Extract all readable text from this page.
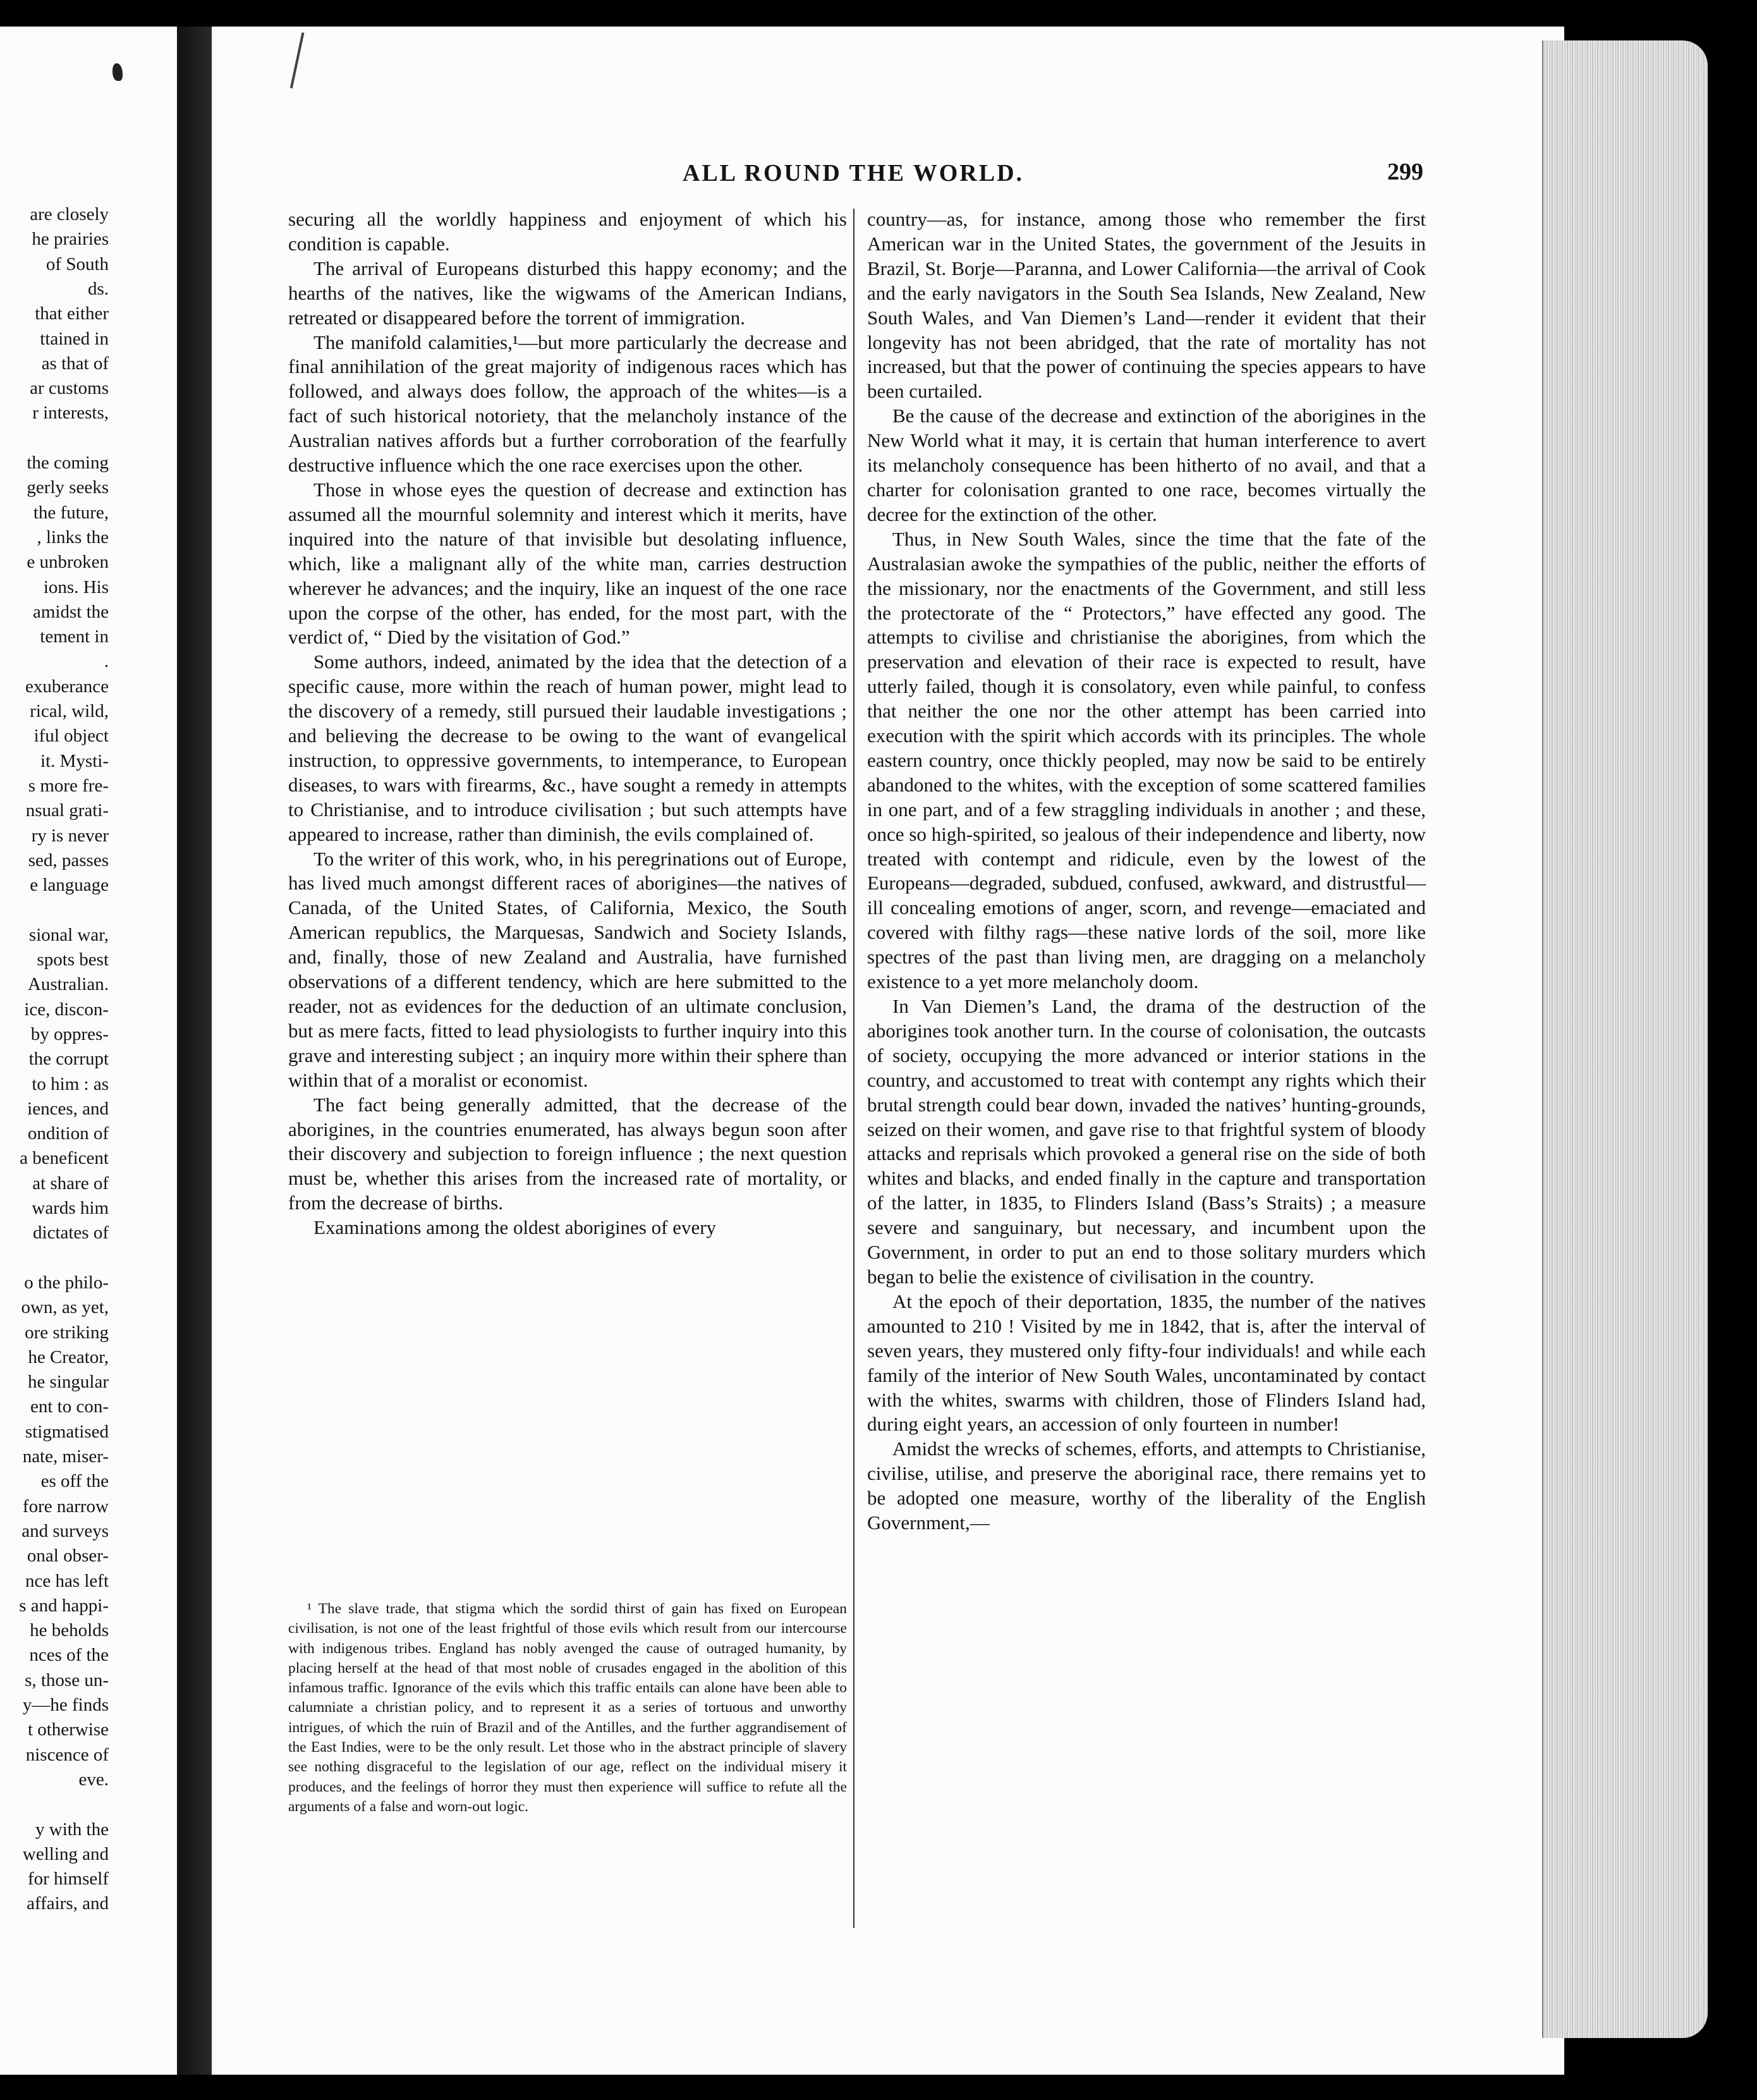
are closely
he prairies
of South
ds.
that either
ttained in
as that of
ar customs
r interests,
the coming
gerly seeks
the future,
, links the
e unbroken
ions. His
amidst the
tement in
.
exuberance
rical, wild,
iful object
it. Mysti-
s more fre-
nsual grati-
ry is never
sed, passes
e language
sional war,
spots best
Australian.
ice, discon-
by oppres-
the corrupt
to him : as
iences, and
ondition of
a beneficent
at share of
wards him
dictates of
o the philo-
own, as yet,
ore striking
he Creator,
he singular
ent to con-
stigmatised
nate, miser-
es off the
fore narrow
and surveys
onal obser-
nce has left
s and happi-
he beholds
nces of the
s, those un-
y—he finds
t otherwise
niscence of
eve.
y with the
welling and
for himself
affairs, and
ALL ROUND THE WORLD.	299

securing all the worldly happiness and enjoyment of which his condition is capable.

The arrival of Europeans disturbed this happy economy; and the hearths of the natives, like the wigwams of the American Indians, retreated or disappeared before the torrent of immigration.

The manifold calamities,¹—but more particularly the decrease and final annihilation of the great majority of indigenous races which has followed, and always does follow, the approach of the whites—is a fact of such historical notoriety, that the melancholy instance of the Australian natives affords but a further corroboration of the fearfully destructive influence which the one race exercises upon the other.

Those in whose eyes the question of decrease and extinction has assumed all the mournful solemnity and interest which it merits, have inquired into the nature of that invisible but desolating influence, which, like a malignant ally of the white man, carries destruction wherever he advances; and the inquiry, like an inquest of the one race upon the corpse of the other, has ended, for the most part, with the verdict of, “ Died by the visitation of God.”

Some authors, indeed, animated by the idea that the detection of a specific cause, more within the reach of human power, might lead to the discovery of a remedy, still pursued their laudable investigations ; and believing the decrease to be owing to the want of evangelical instruction, to oppressive governments, to intemperance, to European diseases, to wars with firearms, &c., have sought a remedy in attempts to Christianise, and to introduce civilisation ; but such attempts have appeared to increase, rather than diminish, the evils complained of.

To the writer of this work, who, in his peregrinations out of Europe, has lived much amongst different races of aborigines—the natives of Canada, of the United States, of California, Mexico, the South American republics, the Marquesas, Sandwich and Society Islands, and, finally, those of new Zealand and Australia, have furnished observations of a different tendency, which are here submitted to the reader, not as evidences for the deduction of an ultimate conclusion, but as mere facts, fitted to lead physiologists to further inquiry into this grave and interesting subject ; an inquiry more within their sphere than within that of a moralist or economist.

The fact being generally admitted, that the decrease of the aborigines, in the countries enumerated, has always begun soon after their discovery and subjection to foreign influence ; the next question must be, whether this arises from the increased rate of mortality, or from the decrease of births.

Examinations among the oldest aborigines of every

country—as, for instance, among those who remember the first American war in the United States, the government of the Jesuits in Brazil, St. Borje—Paranna, and Lower California—the arrival of Cook and the early navigators in the South Sea Islands, New Zealand, New South Wales, and Van Diemen’s Land—render it evident that their longevity has not been abridged, that the rate of mortality has not increased, but that the power of continuing the species appears to have been curtailed.

Be the cause of the decrease and extinction of the aborigines in the New World what it may, it is certain that human interference to avert its melancholy consequence has been hitherto of no avail, and that a charter for colonisation granted to one race, becomes virtually the decree for the extinction of the other.

Thus, in New South Wales, since the time that the fate of the Australasian awoke the sympathies of the public, neither the efforts of the missionary, nor the enactments of the Government, and still less the protectorate of the “ Protectors,” have effected any good. The attempts to civilise and christianise the aborigines, from which the preservation and elevation of their race is expected to result, have utterly failed, though it is consolatory, even while painful, to confess that neither the one nor the other attempt has been carried into execution with the spirit which accords with its principles. The whole eastern country, once thickly peopled, may now be said to be entirely abandoned to the whites, with the exception of some scattered families in one part, and of a few straggling individuals in another ; and these, once so high-spirited, so jealous of their independence and liberty, now treated with contempt and ridicule, even by the lowest of the Europeans—degraded, subdued, confused, awkward, and distrustful—ill concealing emotions of anger, scorn, and revenge—emaciated and covered with filthy rags—these native lords of the soil, more like spectres of the past than living men, are dragging on a melancholy existence to a yet more melancholy doom.

In Van Diemen’s Land, the drama of the destruction of the aborigines took another turn. In the course of colonisation, the outcasts of society, occupying the more advanced or interior stations in the country, and accustomed to treat with contempt any rights which their brutal strength could bear down, invaded the natives’ hunting-grounds, seized on their women, and gave rise to that frightful system of bloody attacks and reprisals which provoked a general rise on the side of both whites and blacks, and ended finally in the capture and transportation of the latter, in 1835, to Flinders Island (Bass’s Straits) ; a measure severe and sanguinary, but necessary, and incumbent upon the Government, in order to put an end to those solitary murders which began to belie the existence of civilisation in the country.

At the epoch of their deportation, 1835, the number of the natives amounted to 210 ! Visited by me in 1842, that is, after the interval of seven years, they mustered only fifty-four individuals! and while each family of the interior of New South Wales, uncontaminated by contact with the whites, swarms with children, those of Flinders Island had, during eight years, an accession of only fourteen in number!

Amidst the wrecks of schemes, efforts, and attempts to Christianise, civilise, utilise, and preserve the aboriginal race, there remains yet to be adopted one measure, worthy of the liberality of the English Government,—

¹ The slave trade, that stigma which the sordid thirst of gain has fixed on European civilisation, is not one of the least frightful of those evils which result from our intercourse with indigenous tribes. England has nobly avenged the cause of outraged humanity, by placing herself at the head of that most noble of crusades engaged in the abolition of this infamous traffic. Ignorance of the evils which this traffic entails can alone have been able to calumniate a christian policy, and to represent it as a series of tortuous and unworthy intrigues, of which the ruin of Brazil and of the Antilles, and the further aggrandisement of the East Indies, were to be the only result. Let those who in the abstract principle of slavery see nothing disgraceful to the legislation of our age, reflect on the individual misery it produces, and the feelings of horror they must then experience will suffice to refute all the arguments of a false and worn-out logic.
